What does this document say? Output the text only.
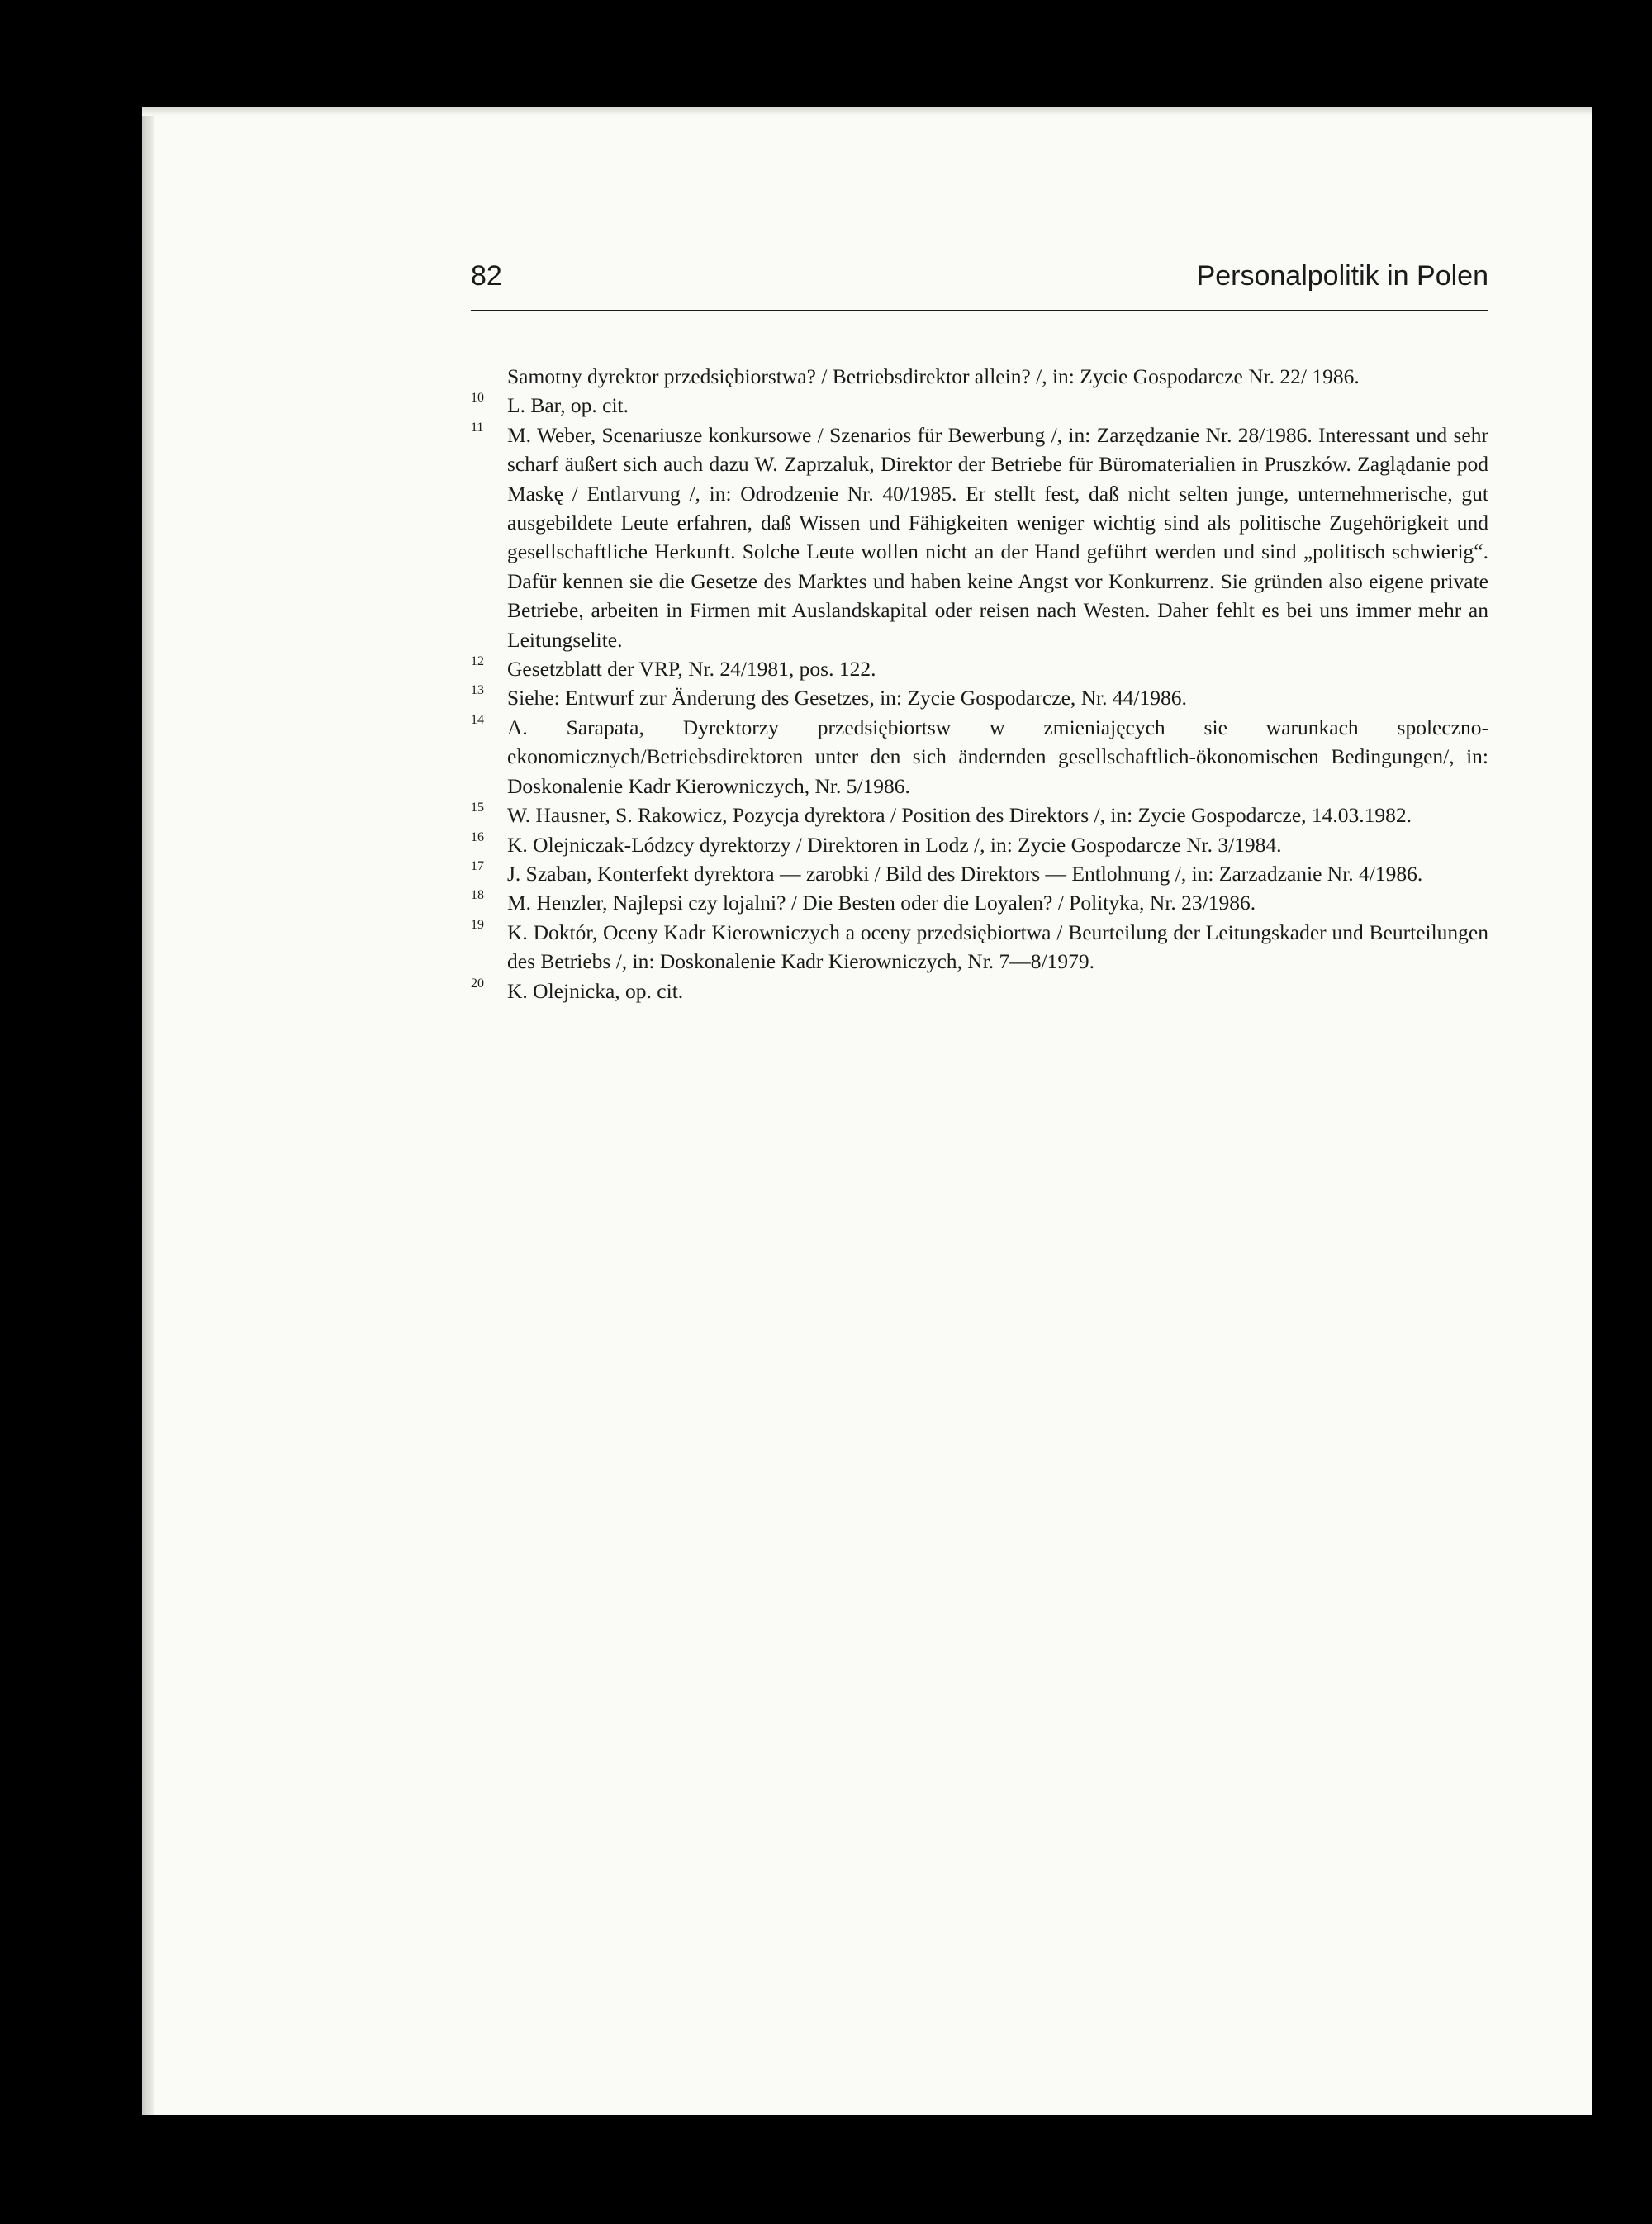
82	Personalpolitik in Polen
Samotny dyrektor przedsiębiorstwa? / Betriebsdirektor allein? /, in: Zycie Gospodarcze Nr. 22/ 1986.
10 L. Bar, op. cit.
11 M. Weber, Scenariusze konkursowe / Szenarios für Bewerbung /, in: Zarzędzanie Nr. 28/1986. Interessant und sehr scharf äußert sich auch dazu W. Zaprzaluk, Direktor der Betriebe für Büromaterialien in Pruszków. Zaglądanie pod Maskę / Entlarvung /, in: Odrodzenie Nr. 40/1985. Er stellt fest, daß nicht selten junge, unternehmerische, gut ausgebildete Leute erfahren, daß Wissen und Fähigkeiten weniger wichtig sind als politische Zugehörigkeit und gesellschaftliche Herkunft. Solche Leute wollen nicht an der Hand geführt werden und sind „politisch schwierig“. Dafür kennen sie die Gesetze des Marktes und haben keine Angst vor Konkurrenz. Sie gründen also eigene private Betriebe, arbeiten in Firmen mit Auslandskapital oder reisen nach Westen. Daher fehlt es bei uns immer mehr an Leitungselite.
12 Gesetzblatt der VRP, Nr. 24/1981, pos. 122.
13 Siehe: Entwurf zur Änderung des Gesetzes, in: Zycie Gospodarcze, Nr. 44/1986.
14 A. Sarapata, Dyrektorzy przedsiębiortsw w zmieniajęcych sie warunkach spoleczno-ekonomicznych/Betriebsdirektoren unter den sich ändernden gesellschaftlich-ökonomischen Bedingungen/, in: Doskonalenie Kadr Kierowniczych, Nr. 5/1986.
15 W. Hausner, S. Rakowicz, Pozycja dyrektora / Position des Direktors /, in: Zycie Gospodarcze, 14.03.1982.
16 K. Olejniczak-Lódzcy dyrektorzy / Direktoren in Lodz /, in: Zycie Gospodarcze Nr. 3/1984.
17 J. Szaban, Konterfekt dyrektora — zarobki / Bild des Direktors — Entlohnung /, in: Zarzadzanie Nr. 4/1986.
18 M. Henzler, Najlepsi czy lojalni? / Die Besten oder die Loyalen? / Polityka, Nr. 23/1986.
19 K. Doktór, Oceny Kadr Kierowniczych a oceny przedsiębiortwa / Beurteilung der Leitungskader und Beurteilungen des Betriebs /, in: Doskonalenie Kadr Kierowniczych, Nr. 7—8/1979.
20 K. Olejnicka, op. cit.
